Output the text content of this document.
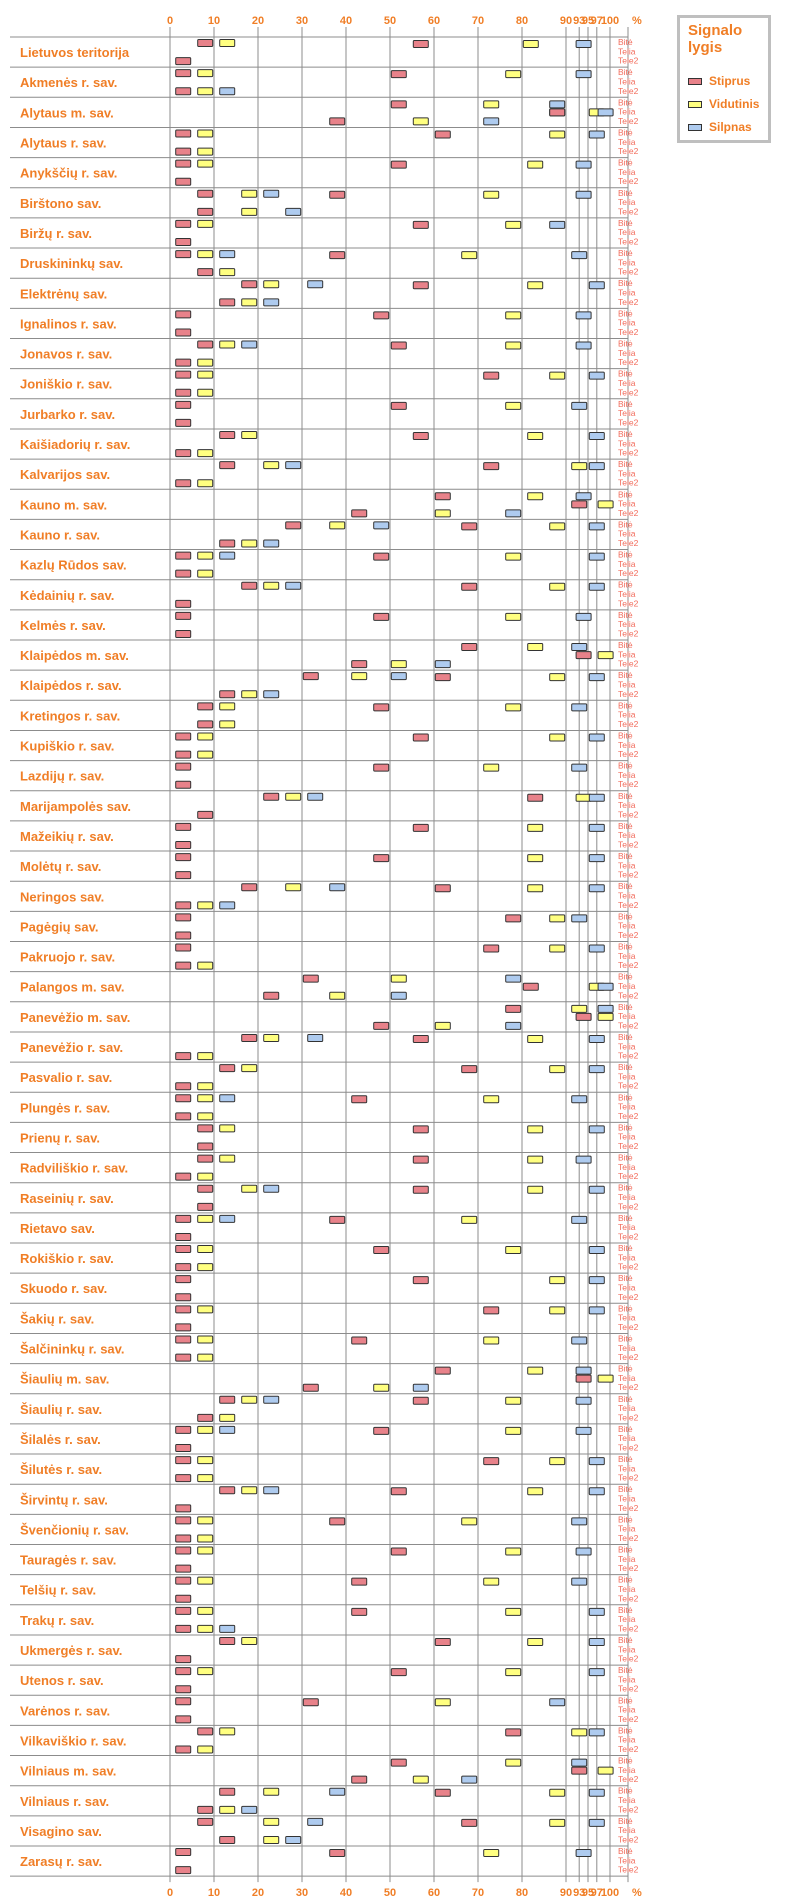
0
0
10
10
20
20
30
30
40
40
50
50
60
60
70
70
80
80
90
90
93
93
95
95
97
97
100
100
%
%
Lietuvos teritorija
Bitė
Telia
Tele2
Akmenės r. sav.
Bitė
Telia
Tele2
Alytaus m. sav.
Bitė
Telia
Tele2
Alytaus r. sav.
Bitė
Telia
Tele2
Anykščių r. sav.
Bitė
Telia
Tele2
Birštono sav.
Bitė
Telia
Tele2
Biržų r. sav.
Bitė
Telia
Tele2
Druskininkų sav.
Bitė
Telia
Tele2
Elektrėnų sav.
Bitė
Telia
Tele2
Ignalinos r. sav.
Bitė
Telia
Tele2
Jonavos r. sav.
Bitė
Telia
Tele2
Joniškio r. sav.
Bitė
Telia
Tele2
Jurbarko r. sav.
Bitė
Telia
Tele2
Kaišiadorių r. sav.
Bitė
Telia
Tele2
Kalvarijos sav.
Bitė
Telia
Tele2
Kauno m. sav.
Bitė
Telia
Tele2
Kauno r. sav.
Bitė
Telia
Tele2
Kazlų Rūdos sav.
Bitė
Telia
Tele2
Kėdainių r. sav.
Bitė
Telia
Tele2
Kelmės r. sav.
Bitė
Telia
Tele2
Klaipėdos m. sav.
Bitė
Telia
Tele2
Klaipėdos r. sav.
Bitė
Telia
Tele2
Kretingos r. sav.
Bitė
Telia
Tele2
Kupiškio r. sav.
Bitė
Telia
Tele2
Lazdijų r. sav.
Bitė
Telia
Tele2
Marijampolės sav.
Bitė
Telia
Tele2
Mažeikių r. sav.
Bitė
Telia
Tele2
Molėtų r. sav.
Bitė
Telia
Tele2
Neringos sav.
Bitė
Telia
Tele2
Pagėgių sav.
Bitė
Telia
Tele2
Pakruojo r. sav.
Bitė
Telia
Tele2
Palangos m. sav.
Bitė
Telia
Tele2
Panevėžio m. sav.
Bitė
Telia
Tele2
Panevėžio r. sav.
Bitė
Telia
Tele2
Pasvalio r. sav.
Bitė
Telia
Tele2
Plungės r. sav.
Bitė
Telia
Tele2
Prienų r. sav.
Bitė
Telia
Tele2
Radviliškio r. sav.
Bitė
Telia
Tele2
Raseinių r. sav.
Bitė
Telia
Tele2
Rietavo sav.
Bitė
Telia
Tele2
Rokiškio r. sav.
Bitė
Telia
Tele2
Skuodo r. sav.
Bitė
Telia
Tele2
Šakių r. sav.
Bitė
Telia
Tele2
Šalčininkų r. sav.
Bitė
Telia
Tele2
Šiaulių m. sav.
Bitė
Telia
Tele2
Šiaulių r. sav.
Bitė
Telia
Tele2
Šilalės r. sav.
Bitė
Telia
Tele2
Šilutės r. sav.
Bitė
Telia
Tele2
Širvintų r. sav.
Bitė
Telia
Tele2
Švenčionių r. sav.
Bitė
Telia
Tele2
Tauragės r. sav.
Bitė
Telia
Tele2
Telšių r. sav.
Bitė
Telia
Tele2
Trakų r. sav.
Bitė
Telia
Tele2
Ukmergės r. sav.
Bitė
Telia
Tele2
Utenos r. sav.
Bitė
Telia
Tele2
Varėnos r. sav.
Bitė
Telia
Tele2
Vilkaviškio r. sav.
Bitė
Telia
Tele2
Vilniaus m. sav.
Bitė
Telia
Tele2
Vilniaus r. sav.
Bitė
Telia
Tele2
Visagino sav.
Bitė
Telia
Tele2
Zarasų r. sav.
Bitė
Telia
Tele2
Signalo lygis
Stiprus
Vidutinis
Silpnas
